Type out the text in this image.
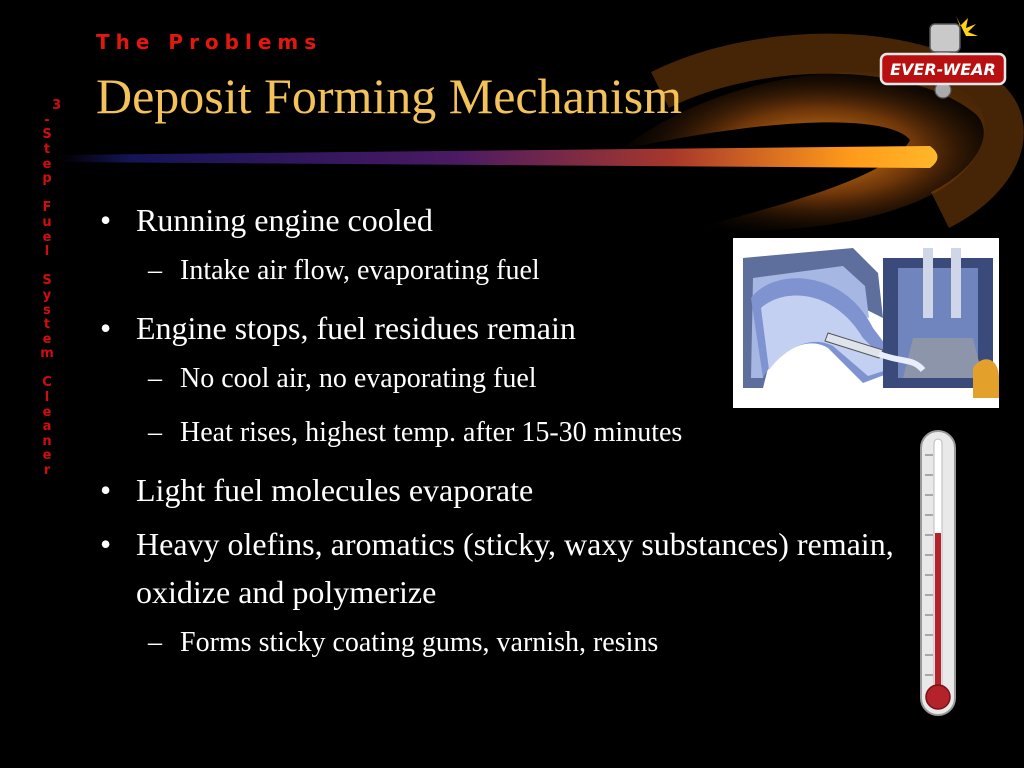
3
-
S
t
e
p

F
u
e
l

S
y
s
t
e
m

C
l
e
a
n
e
r

The Problems
Deposit Forming Mechanism	EVER-WEAR
• Running engine cooled
– Intake air flow, evaporating fuel
• Engine stops, fuel residues remain
– No cool air, no evaporating fuel
– Heat rises, highest temp. after 15-30 minutes
• Light fuel molecules evaporate
• Heavy olefins, aromatics (sticky, waxy substances) remain, oxidize and polymerize
– Forms sticky coating gums, varnish, resins
